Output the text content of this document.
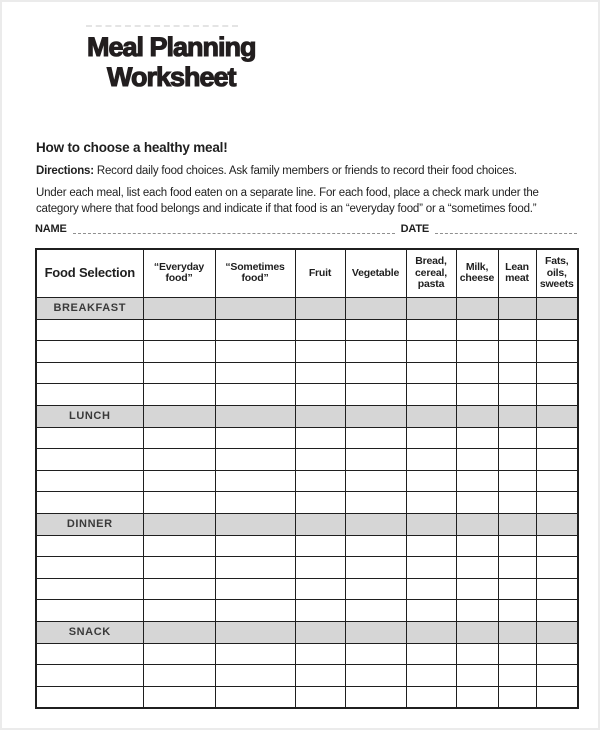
Meal Planning
Worksheet
How to choose a healthy meal!
Directions: Record daily food choices. Ask family members or friends to record their food choices.
Under each meal, list each food eaten on a separate line. For each food, place a check mark under the category where that food belongs and indicate if that food is an “everyday food” or a “sometimes food.”
NAME	DATE
Food Selection	“Everyday food”	“Sometimes food”	Fruit	Vegetable	Bread, cereal, pasta	Milk, cheese	Lean meat	Fats, oils, sweets
BREAKFAST								

LUNCH								

DINNER								

SNACK								
